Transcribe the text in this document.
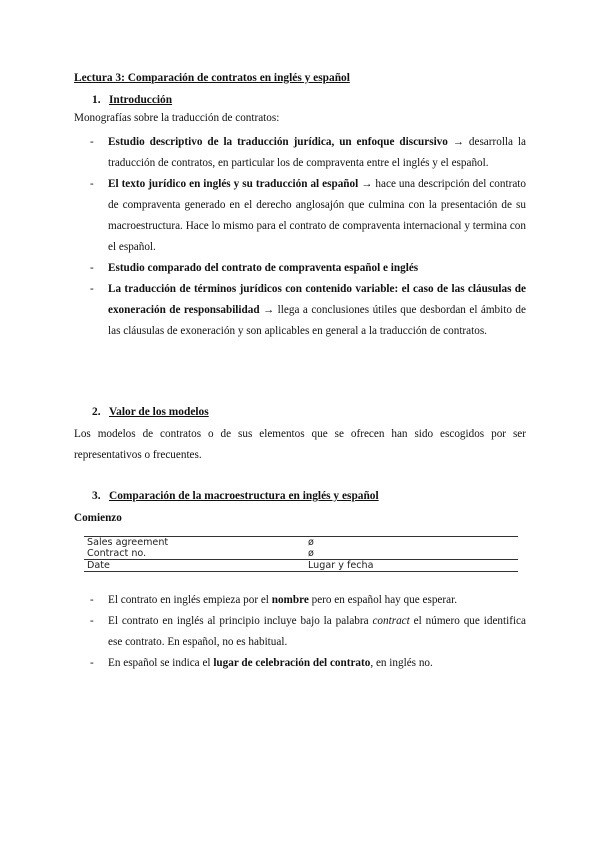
Lectura 3: Comparación de contratos en inglés y español
1. Introducción
Monografías sobre la traducción de contratos:
- Estudio descriptivo de la traducción jurídica, un enfoque discursivo → desarrolla la traducción de contratos, en particular los de compraventa entre el inglés y el español.
- El texto jurídico en inglés y su traducción al español → hace una descripción del contrato de compraventa generado en el derecho anglosajón que culmina con la presentación de su macroestructura. Hace lo mismo para el contrato de compraventa internacional y termina con el español.
- Estudio comparado del contrato de compraventa español e inglés
- La traducción de términos jurídicos con contenido variable: el caso de las cláusulas de exoneración de responsabilidad → llega a conclusiones útiles que desbordan el ámbito de las cláusulas de exoneración y son aplicables en general a la traducción de contratos.
2. Valor de los modelos
Los modelos de contratos o de sus elementos que se ofrecen han sido escogidos por ser representativos o frecuentes.
3. Comparación de la macroestructura en inglés y español
Comienzo
Sales agreement	ø
Contract no.	ø
Date	Lugar y fecha
- El contrato en inglés empieza por el nombre pero en español hay que esperar.
- El contrato en inglés al principio incluye bajo la palabra contract el número que identifica ese contrato. En español, no es habitual.
- En español se indica el lugar de celebración del contrato, en inglés no.
